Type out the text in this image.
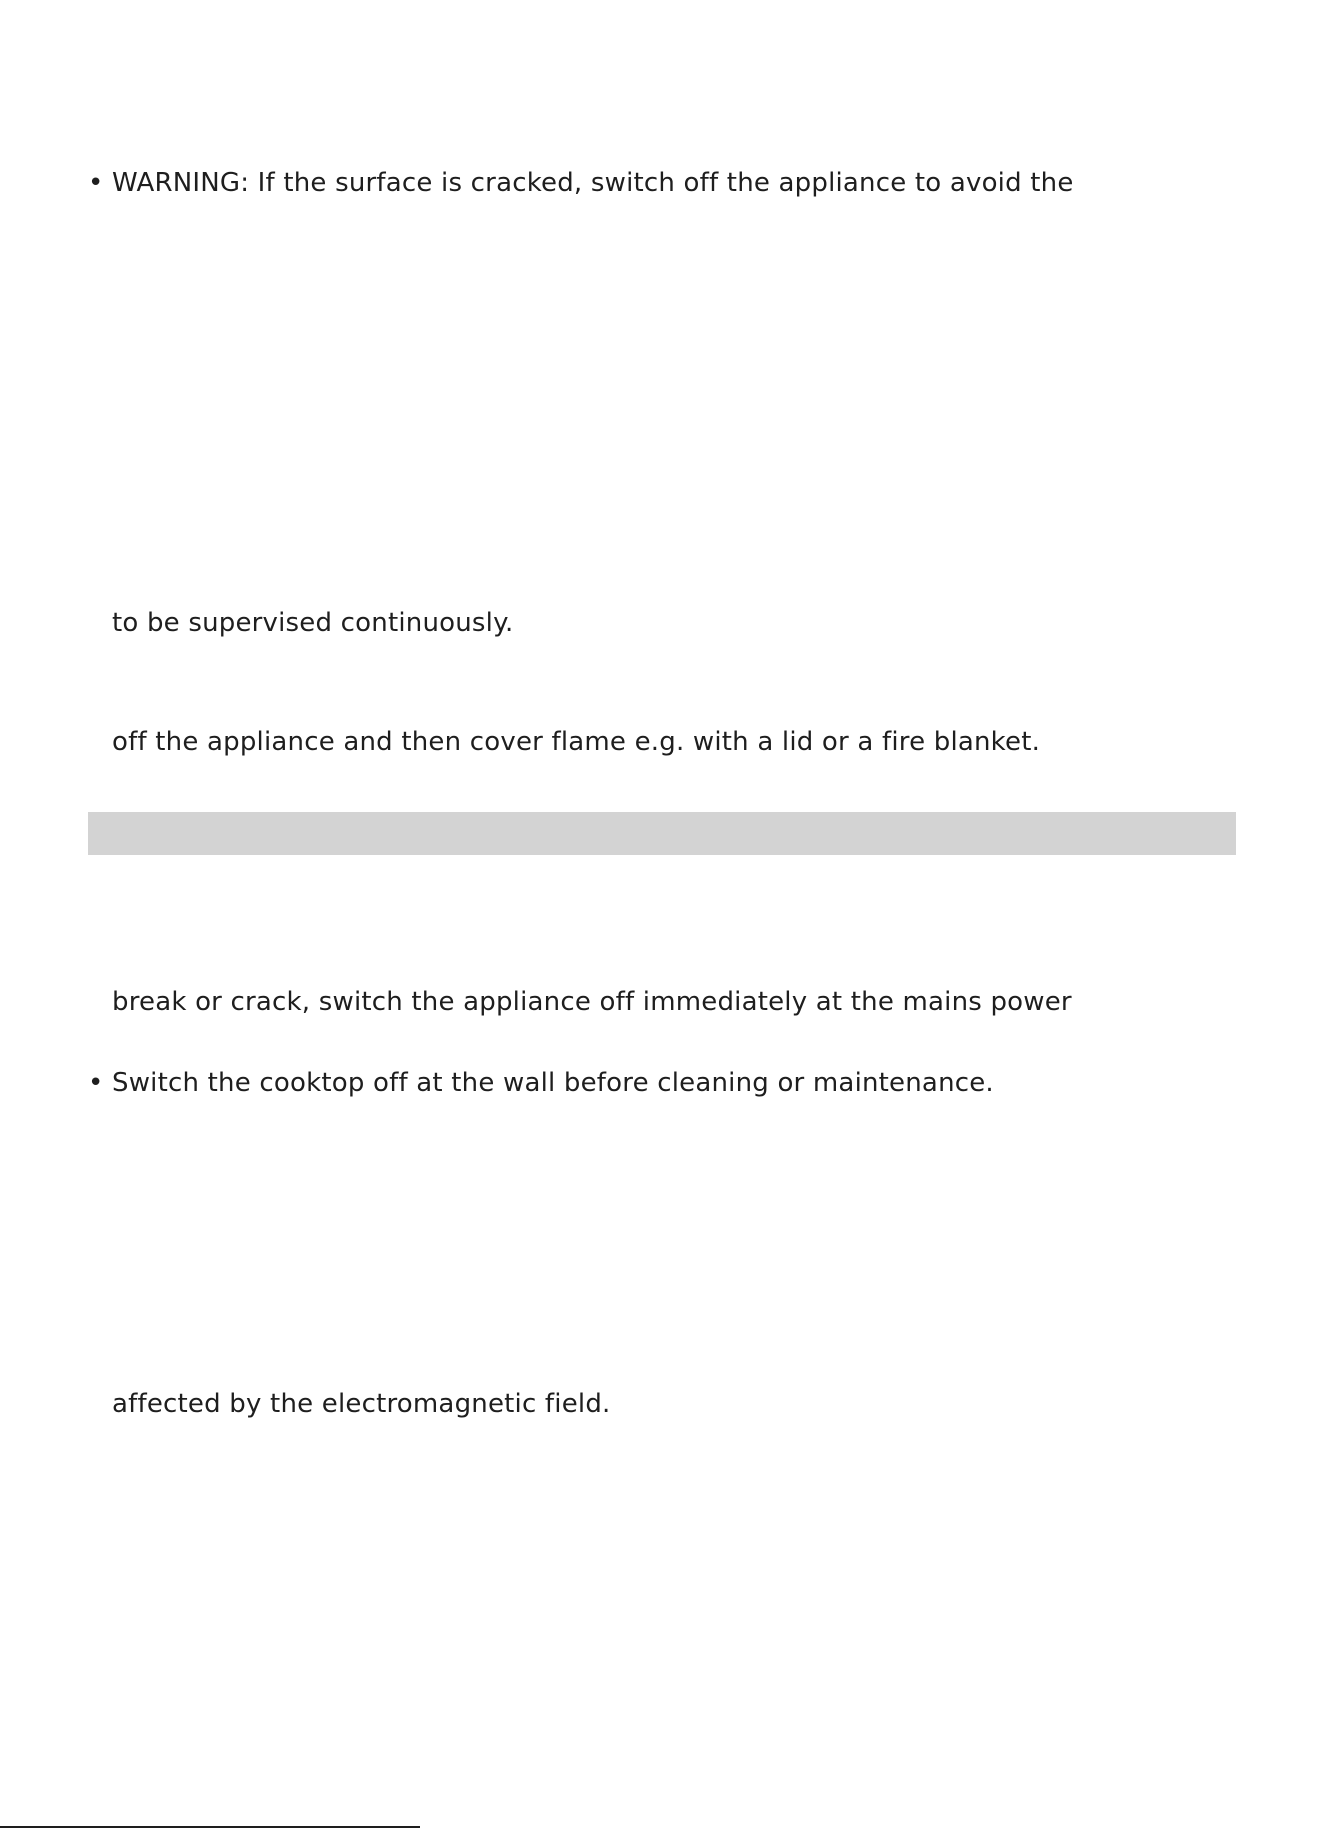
• WARNING: If the surface is cracked, switch off the appliance to avoid the
to be supervised continuously.
off the appliance and then cover flame e.g. with a lid or a fire blanket.
break or crack, switch the appliance off immediately at the mains power
• Switch the cooktop off at the wall before cleaning or maintenance.
affected by the electromagnetic field.
